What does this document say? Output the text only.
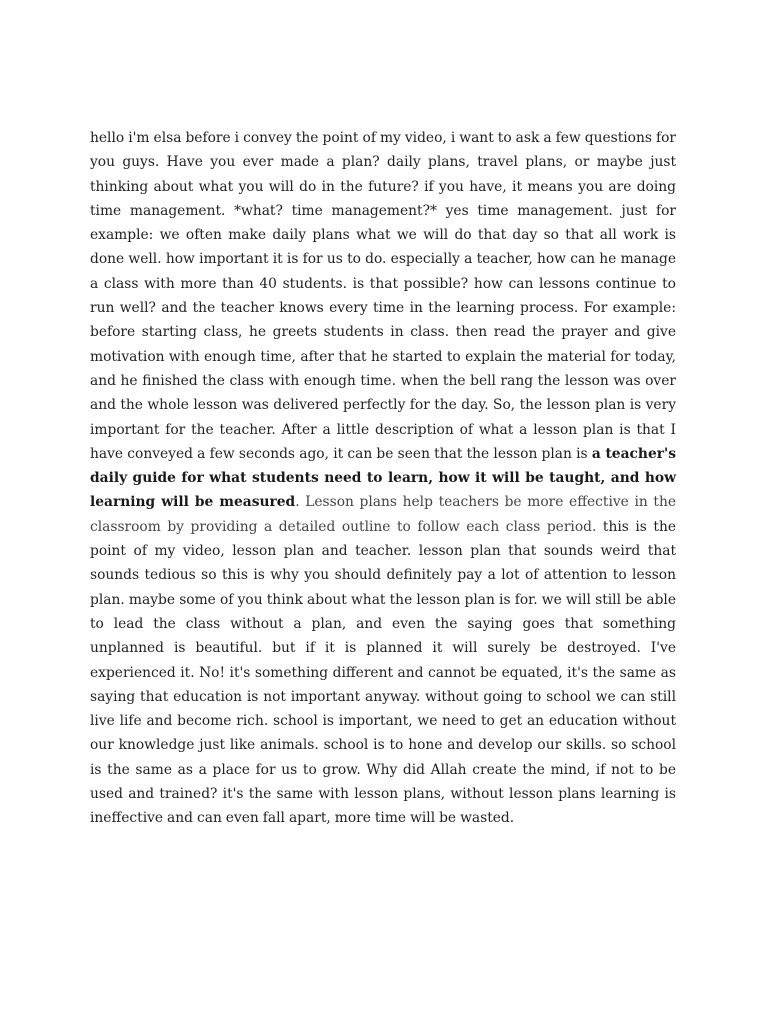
hello i'm elsa before i convey the point of my video, i want to ask a few questions for you guys. Have you ever made a plan? daily plans, travel plans, or maybe just thinking about what you will do in the future? if you have, it means you are doing time management. *what? time management?* yes time management. just for example: we often make daily plans what we will do that day so that all work is done well. how important it is for us to do. especially a teacher, how can he manage a class with more than 40 students. is that possible? how can lessons continue to run well? and the teacher knows every time in the learning process. For example: before starting class, he greets students in class. then read the prayer and give motivation with enough time, after that he started to explain the material for today, and he finished the class with enough time. when the bell rang the lesson was over and the whole lesson was delivered perfectly for the day. So, the lesson plan is very important for the teacher. After a little description of what a lesson plan is that I have conveyed a few seconds ago, it can be seen that the lesson plan is a teacher's daily guide for what students need to learn, how it will be taught, and how learning will be measured. Lesson plans help teachers be more effective in the classroom by providing a detailed outline to follow each class period. this is the point of my video, lesson plan and teacher. lesson plan that sounds weird that sounds tedious so this is why you should definitely pay a lot of attention to lesson plan. maybe some of you think about what the lesson plan is for. we will still be able to lead the class without a plan, and even the saying goes that something unplanned is beautiful. but if it is planned it will surely be destroyed. I've experienced it. No! it's something different and cannot be equated, it's the same as saying that education is not important anyway. without going to school we can still live life and become rich. school is important, we need to get an education without our knowledge just like animals. school is to hone and develop our skills. so school is the same as a place for us to grow. Why did Allah create the mind, if not to be used and trained? it's the same with lesson plans, without lesson plans learning is ineffective and can even fall apart, more time will be wasted.
